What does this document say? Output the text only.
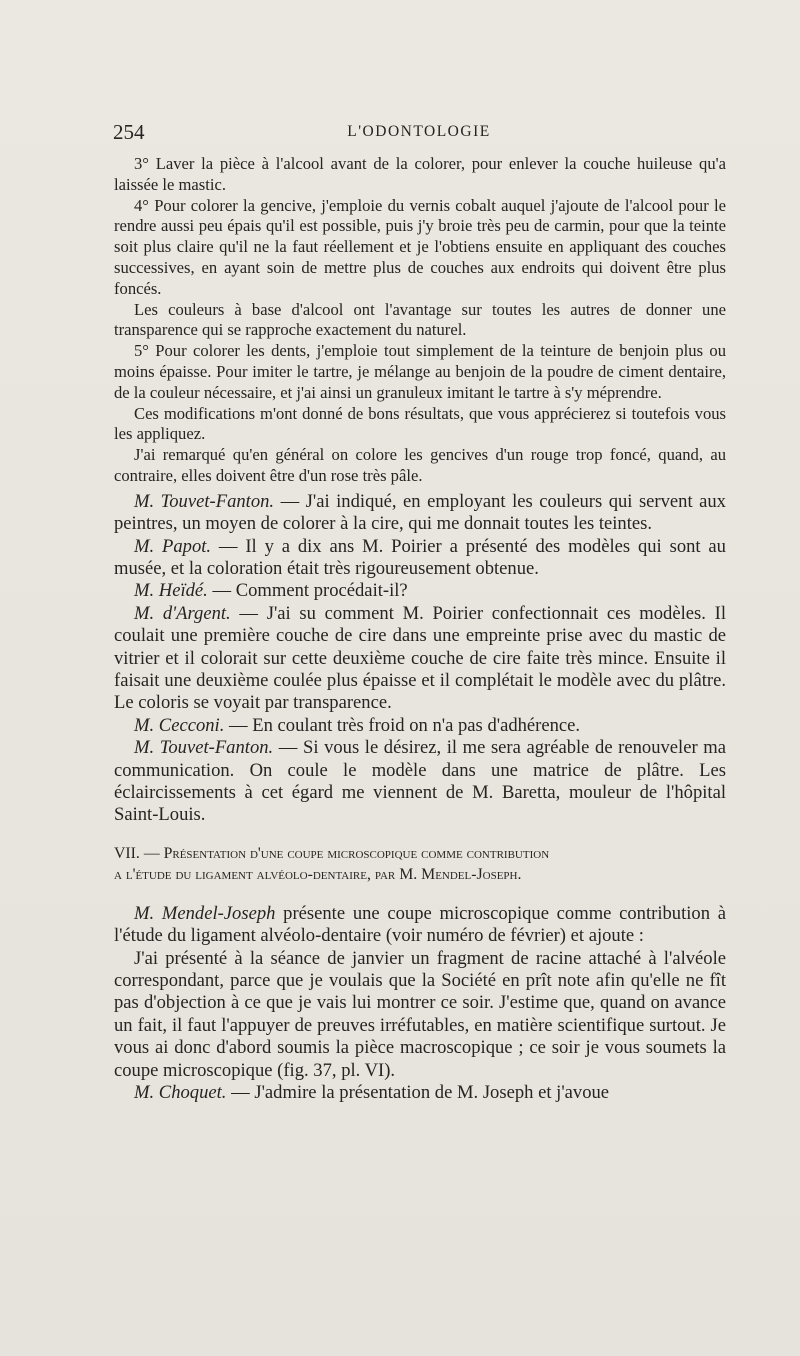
254	L'ODONTOLOGIE

3° Laver la pièce à l'alcool avant de la colorer, pour enlever la couche huileuse qu'a laissée le mastic.

4° Pour colorer la gencive, j'emploie du vernis cobalt auquel j'ajoute de l'alcool pour le rendre aussi peu épais qu'il est possible, puis j'y broie très peu de carmin, pour que la teinte soit plus claire qu'il ne la faut réellement et je l'obtiens ensuite en appliquant des couches successives, en ayant soin de mettre plus de couches aux endroits qui doivent être plus foncés.

Les couleurs à base d'alcool ont l'avantage sur toutes les autres de donner une transparence qui se rapproche exactement du naturel.

5° Pour colorer les dents, j'emploie tout simplement de la teinture de benjoin plus ou moins épaisse. Pour imiter le tartre, je mélange au benjoin de la poudre de ciment dentaire, de la couleur nécessaire, et j'ai ainsi un granuleux imitant le tartre à s'y méprendre.

Ces modifications m'ont donné de bons résultats, que vous apprécierez si toutefois vous les appliquez.

J'ai remarqué qu'en général on colore les gencives d'un rouge trop foncé, quand, au contraire, elles doivent être d'un rose très pâle.

M. Touvet-Fanton. — J'ai indiqué, en employant les couleurs qui servent aux peintres, un moyen de colorer à la cire, qui me donnait toutes les teintes.

M. Papot. — Il y a dix ans M. Poirier a présenté des modèles qui sont au musée, et la coloration était très rigoureusement obtenue.

M. Heïdé. — Comment procédait-il?

M. d'Argent. — J'ai su comment M. Poirier confectionnait ces modèles. Il coulait une première couche de cire dans une empreinte prise avec du mastic de vitrier et il colorait sur cette deuxième couche de cire faite très mince. Ensuite il faisait une deuxième coulée plus épaisse et il complétait le modèle avec du plâtre. Le coloris se voyait par transparence.

M. Cecconi. — En coulant très froid on n'a pas d'adhérence.

M. Touvet-Fanton. — Si vous le désirez, il me sera agréable de renouveler ma communication. On coule le modèle dans une matrice de plâtre. Les éclaircissements à cet égard me viennent de M. Baretta, mouleur de l'hôpital Saint-Louis.

VII. — Présentation d'une coupe microscopique comme contribution
a l'étude du ligament alvéolo-dentaire, par M. Mendel-Joseph.

M. Mendel-Joseph présente une coupe microscopique comme contribution à l'étude du ligament alvéolo-dentaire (voir numéro de février) et ajoute :

J'ai présenté à la séance de janvier un fragment de racine attaché à l'alvéole correspondant, parce que je voulais que la Société en prît note afin qu'elle ne fît pas d'objection à ce que je vais lui montrer ce soir. J'estime que, quand on avance un fait, il faut l'appuyer de preuves irréfutables, en matière scientifique surtout. Je vous ai donc d'abord soumis la pièce macroscopique ; ce soir je vous soumets la coupe microscopique (fig. 37, pl. VI).

M. Choquet. — J'admire la présentation de M. Joseph et j'avoue
